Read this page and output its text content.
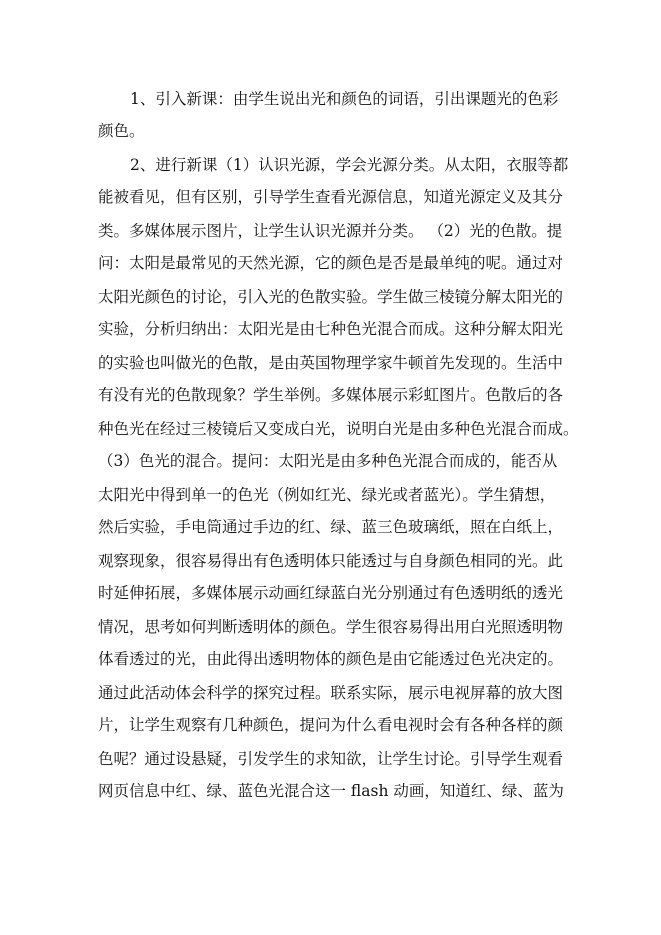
1、引入新课：由学生说出光和颜色的词语，引出课题光的色彩
颜色。
2、进行新课（1）认识光源，学会光源分类。从太阳，衣服等都
能被看见，但有区别，引导学生查看光源信息，知道光源定义及其分
类。多媒体展示图片，让学生认识光源并分类。 （2）光的色散。提
问：太阳是最常见的天然光源，它的颜色是否是最单纯的呢。通过对
太阳光颜色的讨论，引入光的色散实验。学生做三棱镜分解太阳光的
实验，分析归纳出：太阳光是由七种色光混合而成。这种分解太阳光
的实验也叫做光的色散，是由英国物理学家牛顿首先发现的。生活中
有没有光的色散现象？学生举例。多媒体展示彩虹图片。色散后的各
种色光在经过三棱镜后又变成白光，说明白光是由多种色光混合而成。
（3）色光的混合。提问：太阳光是由多种色光混合而成的，能否从
太阳光中得到单一的色光（例如红光、绿光或者蓝光）。学生猜想，
然后实验，手电筒通过手边的红、绿、蓝三色玻璃纸，照在白纸上，
观察现象，很容易得出有色透明体只能透过与自身颜色相同的光。此
时延伸拓展，多媒体展示动画红绿蓝白光分别通过有色透明纸的透光
情况，思考如何判断透明体的颜色。学生很容易得出用白光照透明物
体看透过的光，由此得出透明物体的颜色是由它能透过色光决定的。
通过此活动体会科学的探究过程。联系实际，展示电视屏幕的放大图
片，让学生观察有几种颜色，提问为什么看电视时会有各种各样的颜
色呢？通过设悬疑，引发学生的求知欲，让学生讨论。引导学生观看
网页信息中红、绿、蓝色光混合这一 flash 动画，知道红、绿、蓝为
